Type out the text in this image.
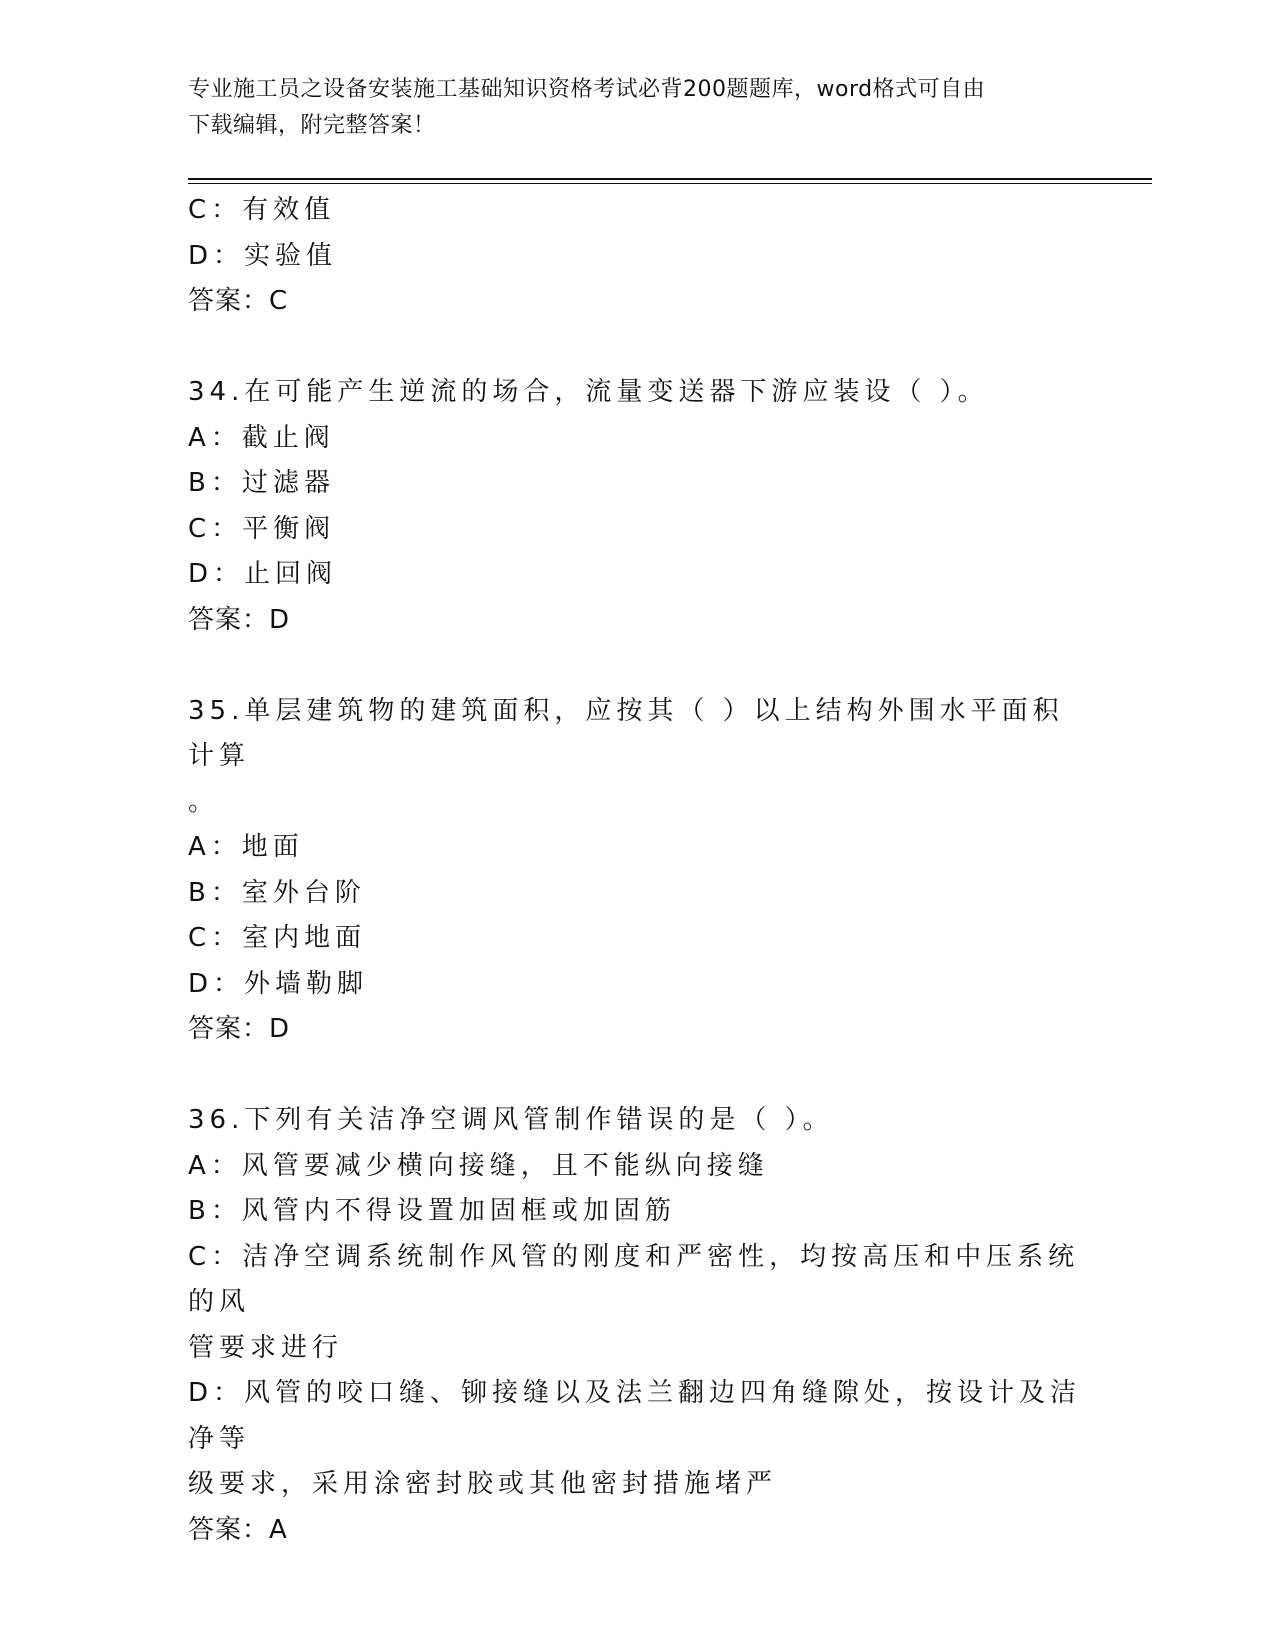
专业施工员之设备安装施工基础知识资格考试必背200题题库，word格式可自由
下载编辑，附完整答案！
C：有效值
D：实验值
答案：C
34.在可能产生逆流的场合，流量变送器下游应装设（ ）。
A：截止阀
B：过滤器
C：平衡阀
D：止回阀
答案：D
35.单层建筑物的建筑面积，应按其（ ）以上结构外围水平面积计算
。
A：地面
B：室外台阶
C：室内地面
D：外墙勒脚
答案：D
36.下列有关洁净空调风管制作错误的是（ ）。
A：风管要减少横向接缝，且不能纵向接缝
B：风管内不得设置加固框或加固筋
C：洁净空调系统制作风管的刚度和严密性，均按高压和中压系统的风
管要求进行
D：风管的咬口缝、铆接缝以及法兰翻边四角缝隙处，按设计及洁净等
级要求，采用涂密封胶或其他密封措施堵严
答案：A
